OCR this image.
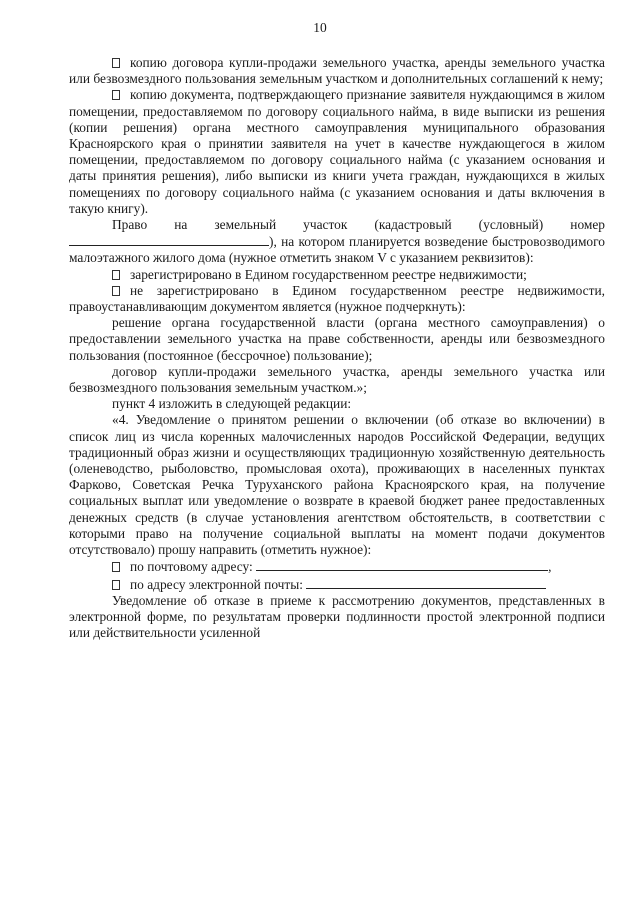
10

копию договора купли-продажи земельного участка, аренды земельного участка или безвозмездного пользования земельным участком и дополнительных соглашений к нему;

копию документа, подтверждающего признание заявителя нуждающимся в жилом помещении, предоставляемом по договору социального найма, в виде выписки из решения (копии решения) органа местного самоуправления муниципального образования Красноярского края о принятии заявителя на учет в качестве нуждающегося в жилом помещении, предоставляемом по договору социального найма (с указанием основания и даты принятия решения), либо выписки из книги учета граждан, нуждающихся в жилых помещениях по договору социального найма (с указанием основания и даты включения в такую книгу).

Право на земельный участок (кадастровый (условный) номер ), на котором планируется возведение быстровозводимого малоэтажного жилого дома (нужное отметить знаком V с указанием реквизитов):

зарегистрировано в Едином государственном реестре недвижимости;

не зарегистрировано в Едином государственном реестре недвижимости, правоустанавливающим документом является (нужное подчеркнуть):

решение органа государственной власти (органа местного самоуправления) о предоставлении земельного участка на праве собственности, аренды или безвозмездного пользования (постоянное (бессрочное) пользование);

договор купли-продажи земельного участка, аренды земельного участка или безвозмездного пользования земельным участком.»;

пункт 4 изложить в следующей редакции:

«4. Уведомление о принятом решении о включении (об отказе во включении) в список лиц из числа коренных малочисленных народов Российской Федерации, ведущих традиционный образ жизни и осуществляющих традиционную хозяйственную деятельность (оленеводство, рыболовство, промысловая охота), проживающих в населенных пунктах Фарково, Советская Речка Туруханского района Красноярского края, на получение социальных выплат или уведомление о возврате в краевой бюджет ранее предоставленных денежных средств (в случае установления агентством обстоятельств, в соответствии с которыми право на получение социальной выплаты на момент подачи документов отсутствовало) прошу направить (отметить нужное):

по почтовому адресу:	,

по адресу электронной почты:

Уведомление об отказе в приеме к рассмотрению документов, представленных в электронной форме, по результатам проверки подлинности простой электронной подписи или действительности усиленной
